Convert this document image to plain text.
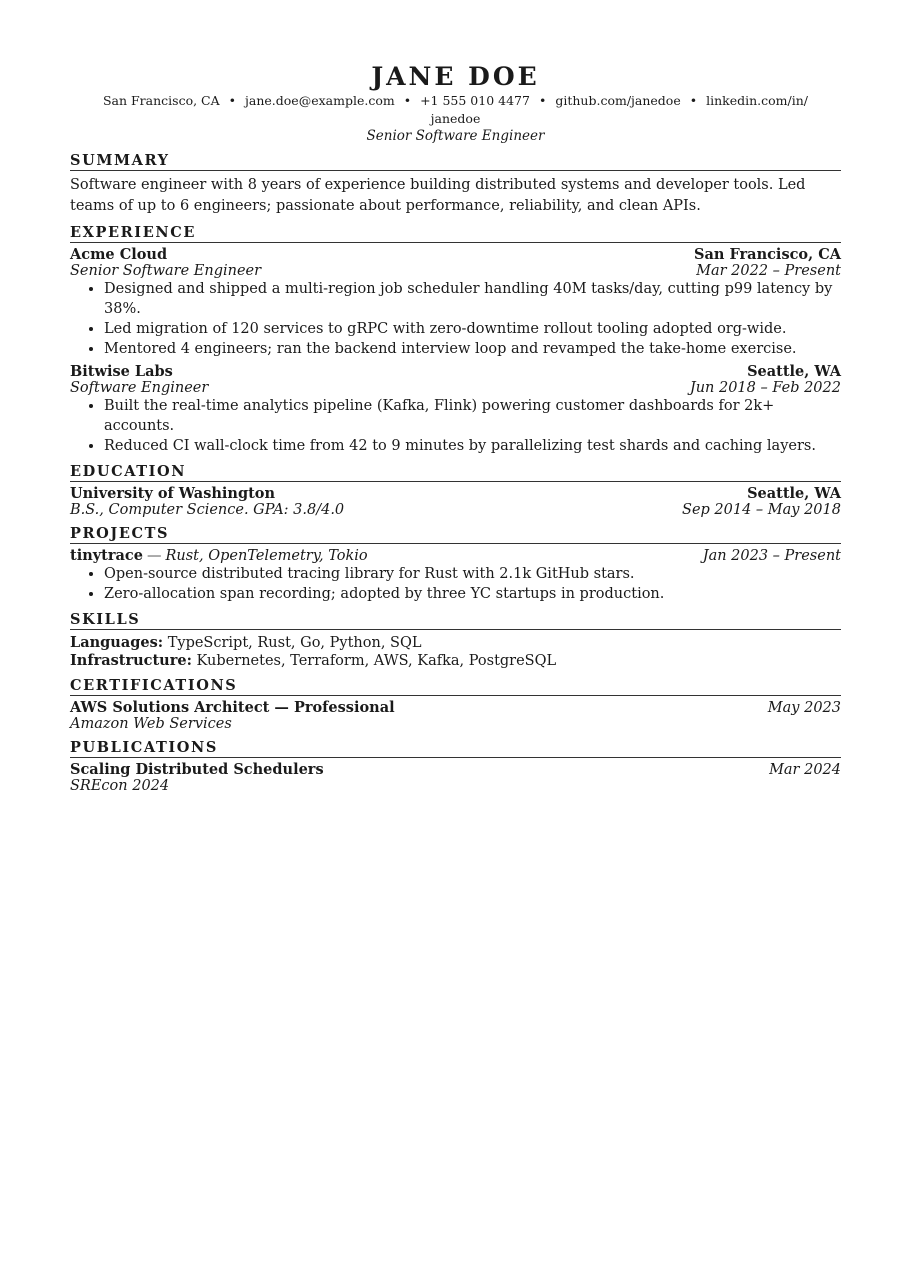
JANE DOE
San Francisco, CA • jane.doe@example.com • +1 555 010 4477 • github.com/janedoe • linkedin.com/in/
janedoe
Senior Software Engineer
SUMMARY

Software engineer with 8 years of experience building distributed systems and developer tools. Led teams of up to 6 engineers; passionate about performance, reliability, and clean APIs.

EXPERIENCE
Acme Cloud	San Francisco, CA
Senior Software Engineer	Mar 2022 – Present
• Designed and shipped a multi-region job scheduler handling 40M tasks/day, cutting p99 latency by 38%.
• Led migration of 120 services to gRPC with zero-downtime rollout tooling adopted org-wide.
• Mentored 4 engineers; ran the backend interview loop and revamped the take-home exercise.
Bitwise Labs	Seattle, WA
Software Engineer	Jun 2018 – Feb 2022
• Built the real-time analytics pipeline (Kafka, Flink) powering customer dashboards for 2k+ accounts.
• Reduced CI wall-clock time from 42 to 9 minutes by parallelizing test shards and caching layers.
EDUCATION
University of Washington	Seattle, WA
B.S., Computer Science. GPA: 3.8/4.0	Sep 2014 – May 2018
PROJECTS
tinytrace — Rust, OpenTelemetry, Tokio	Jan 2023 – Present
• Open-source distributed tracing library for Rust with 2.1k GitHub stars.
• Zero-allocation span recording; adopted by three YC startups in production.
SKILLS
Languages: TypeScript, Rust, Go, Python, SQL
Infrastructure: Kubernetes, Terraform, AWS, Kafka, PostgreSQL
CERTIFICATIONS
AWS Solutions Architect — Professional	May 2023
Amazon Web Services
PUBLICATIONS
Scaling Distributed Schedulers	Mar 2024
SREcon 2024
